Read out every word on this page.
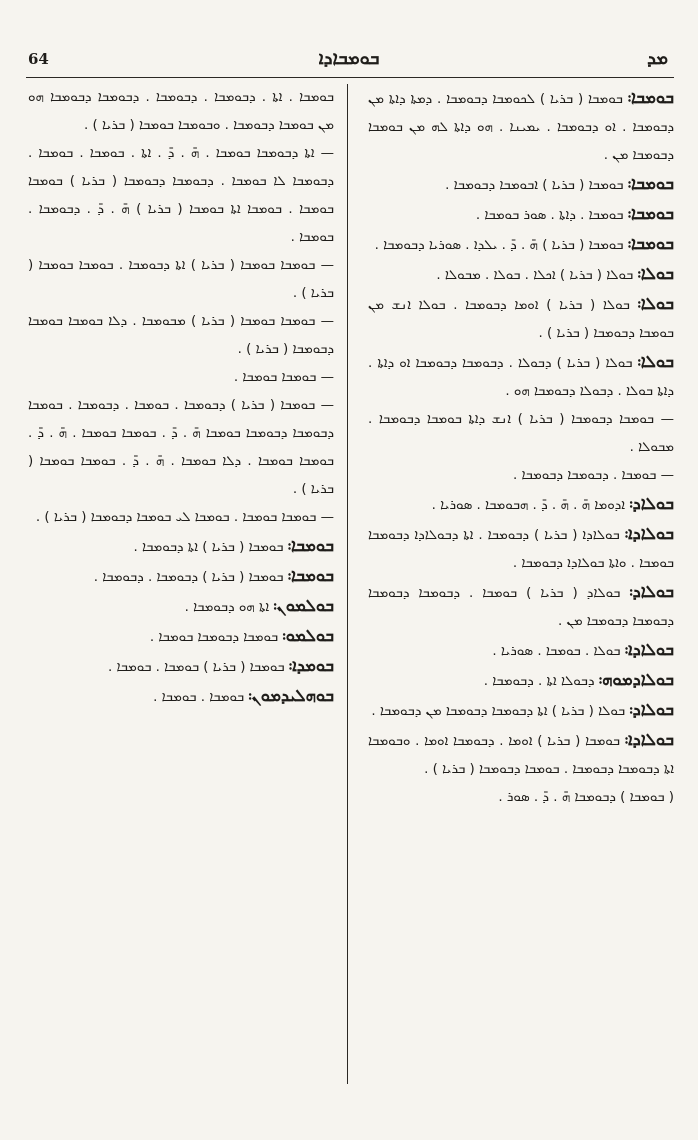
64	ܒܘܡܒܐܕܐ	ܡܕ
ܒܘܡܒܐ܃ ܒܘܡܒܐ ( ܒܪܝܐ ) ܠܟܘܡܒܐ ܕܒܘܡܒܐ . ܕܡܬܐ ܕܐܬܐ ܡܢ ܕܒܘܡܒܐ . ܐܘ ܕܒܘܡܒܐ . ܝܡܝܢܐ . ܗܘ ܕܐܬܐ ܠܗ ܡܢ ܒܘܡܒܐ ܕܒܘܡܒܐ ܡܢ .
ܒܘܡܒܐ܃ ܒܘܡܒܐ ( ܒܪܝܐ ) ܐܒܘܡܒܐ ܕܒܘܡܒܐ .
ܒܘܡܒܐ܃ ܒܘܡܒܐ . ܕܐܬܐ . ܣܘܪ ܒܘܡܒܐ .
ܒܘܡܒܐ܃ ܒܘܡܒܐ ( ܒܪܝܐ ) ܗ̄ . ܕ̄ . ܝܠܕܐ . ܣܘܪܝܐ ܕܒܘܡܒܐ .
ܒܘܠܐ܃ ܒܘܠܐ ( ܒܪܝܐ ) ܐܟܠܐ . ܒܘܠܐ . ܡܒܘܠܐ .
ܒܘܠܐ܃ ܒܘܠܐ ( ܒܪܝܐ ) ܐܘܡܐ ܕܒܘܡܒܐ . ܒܘܠܐ ܐܢܫ ܡܢ ܒܘܡܒܐ ܕܒܘܡܒܐ ( ܒܪܝܐ ) .
ܒܘܠܐ܃ ܒܘܠܐ ( ܒܪܝܐ ) ܕܒܘܠܐ . ܕܒܘܡܒܐ ܕܒܘܡܒܐ ܐܘ ܕܐܬܐ . ܕܐܬܐ ܒܘܠܐ . ܕܒܘܠܐ ܕܒܘܡܒܐ ܗܘ .
— ܒܘܡܒܐ ܕܒܘܡܒܐ ( ܒܪܝܐ ) ܐܢܫ ܕܐܬܐ ܒܘܡܒܐ ܕܒܘܡܒܐ . ܡܒܘܠܐ .
— ܒܘܡܒܐ . ܕܒܘܡܒܐ ܕܒܘܡܒܐ .
ܒܘܠܐܕ܃ ܐܕܘܡܐ ܗ̄ . ܗ̄ . ܕ̄ . ܗܒܘܡܒܐ . ܣܘܪܝܐ .
ܒܘܠܐܕܐ܃ ܒܘܠܐܕܐ ( ܒܪܝܐ ) ܕܒܘܡܒܐ . ܐܬܐ ܕܒܘܠܐܕܐ ܕܒܘܡܒܐ ܒܘܡܒܐ . ܘܐܬܐ ܒܘܠܐܕܐ ܕܒܘܡܒܐ .
ܒܘܠܐܕ܃ ܒܘܠܐܕ ( ܒܪܝܐ ) ܒܘܡܒܐ . ܕܒܘܡܒܐ ܕܒܘܡܒܐ ܕܒܘܡܒܐ ܕܒܘܡܒܐ ܡܢ .
ܒܘܠܐܕܐ܃ ܒܘܠܐ . ܒܘܡܒܐ . ܣܘܪܝܐ .
ܒܘܠܐܕܡܘܗ܃ ܕܒܘܠܐ ܐܬܐ . ܕܒܘܡܒܐ .
ܒܘܠܐܕ܃ ܒܘܠܐ ( ܒܪܝܐ ) ܐܬܐ ܕܒܘܡܒܐ ܕܒܘܡܒܐ ܡܢ ܕܒܘܡܒܐ .
ܒܘܠܐܕܐ܃ ܒܘܡܒܐ ( ܒܪܝܐ ) ܐܘܡܐ . ܕܒܘܡܒܐ ܐܘܡܐ . ܘܒܘܡܒܐ ܐܬܐ ܕܒܘܡܒܐ ܕܒܘܡܒܐ . ܒܘܡܒܐ ܕܒܘܡܒܐ ( ܒܪܝܐ ) .
( ܒܘܡܒܐ ) ܕܒܘܡܒܐ ܗ̄ . ܕ̄ . ܣܘܪ .
ܒܘܡܒܐ . ܐܬܐ . ܕܒܘܡܒܐ . ܕܒܘܡܒܐ . ܕܒܘܡܒܐ ܕܒܘܡܒܐ ܗܘ ܡܢ ܒܘܡܒܐ ܕܒܘܡܒܐ . ܘܒܘܡܒܐ ܒܘܡܒܐ ( ܒܪܝܐ ) .
— ܐܬܐ ܕܒܘܡܒܐ ܒܘܡܒܐ . ܗ̄ . ܕ̄ . ܐܬܐ . ܒܘܡܒܐ . ܒܘܡܒܐ . ܕܒܘܡܒܐ ܠܐ ܒܘܡܒܐ . ܕܒܘܡܒܐ ܕܒܘܡܒܐ ( ܒܪܝܐ ) ܒܘܡܒܐ ܒܘܡܒܐ . ܒܘܡܒܐ ܐܬܐ ܒܘܡܒܐ ( ܒܪܝܐ ) ܗ̄ . ܕ̄ . ܕܒܘܡܒܐ . ܒܘܡܒܐ .
— ܒܘܡܒܐ ܒܘܡܒܐ ( ܒܪܝܐ ) ܐܬܐ ܕܒܘܡܒܐ . ܒܘܡܒܐ ܒܘܡܒܐ ( ܒܪܝܐ ) .
— ܒܘܡܒܐ ܒܘܡܒܐ ( ܒܪܝܐ ) ܡܒܘܡܒܐ . ܕܠܐ ܒܘܡܒܐ ܒܘܡܒܐ ܕܒܘܡܒܐ ( ܒܪܝܐ ) .
— ܒܘܡܒܐ ܒܘܡܒܐ .
— ܒܘܡܒܐ ( ܒܪܝܐ ) ܕܒܘܡܒܐ . ܒܘܡܒܐ . ܕܒܘܡܒܐ . ܒܘܡܒܐ ܕܒܘܡܒܐ ܕܒܘܡܒܐ ܒܘܡܒܐ ܗ̄ . ܕ̄ . ܒܘܡܒܐ ܒܘܡܒܐ . ܗ̄ . ܕ̄ . ܒܘܡܒܐ ܒܘܡܒܐ . ܕܠܐ ܒܘܡܒܐ . ܗ̄ . ܕ̄ . ܒܘܡܒܐ ܒܘܡܒܐ ( ܒܪܝܐ ) .
— ܒܘܡܒܐ ܒܘܡܒܐ . ܒܘܡܒܐ ܠܝ ܒܘܡܒܐ ܕܒܘܡܒܐ ( ܒܪܝܐ ) .
ܒܘܡܒܐ܃ ܒܘܡܒܐ ( ܒܪܝܐ ) ܐܬܐ ܕܒܘܡܒܐ .
ܒܘܡܒܐ܃ ܒܘܡܒܐ ( ܒܪܝܐ ) ܕܒܘܡܒܐ . ܕܒܘܡܒܐ .
ܒܘܠܡܘܢ܃ ܐܬܐ ܗܘ ܕܒܘܡܒܐ .
ܒܘܠܡܘ܃ ܒܘܡܒܐ ܕܒܘܡܒܐ ܒܘܡܒܐ .
ܒܘܡܕܐ܃ ܒܘܡܒܐ ( ܒܪܝܐ ) ܒܘܡܒܐ . ܒܘܡܒܐ .
ܒܘܗܠܝܕܡܘܢ܃ ܒܘܡܒܐ . ܒܘܡܒܐ .
